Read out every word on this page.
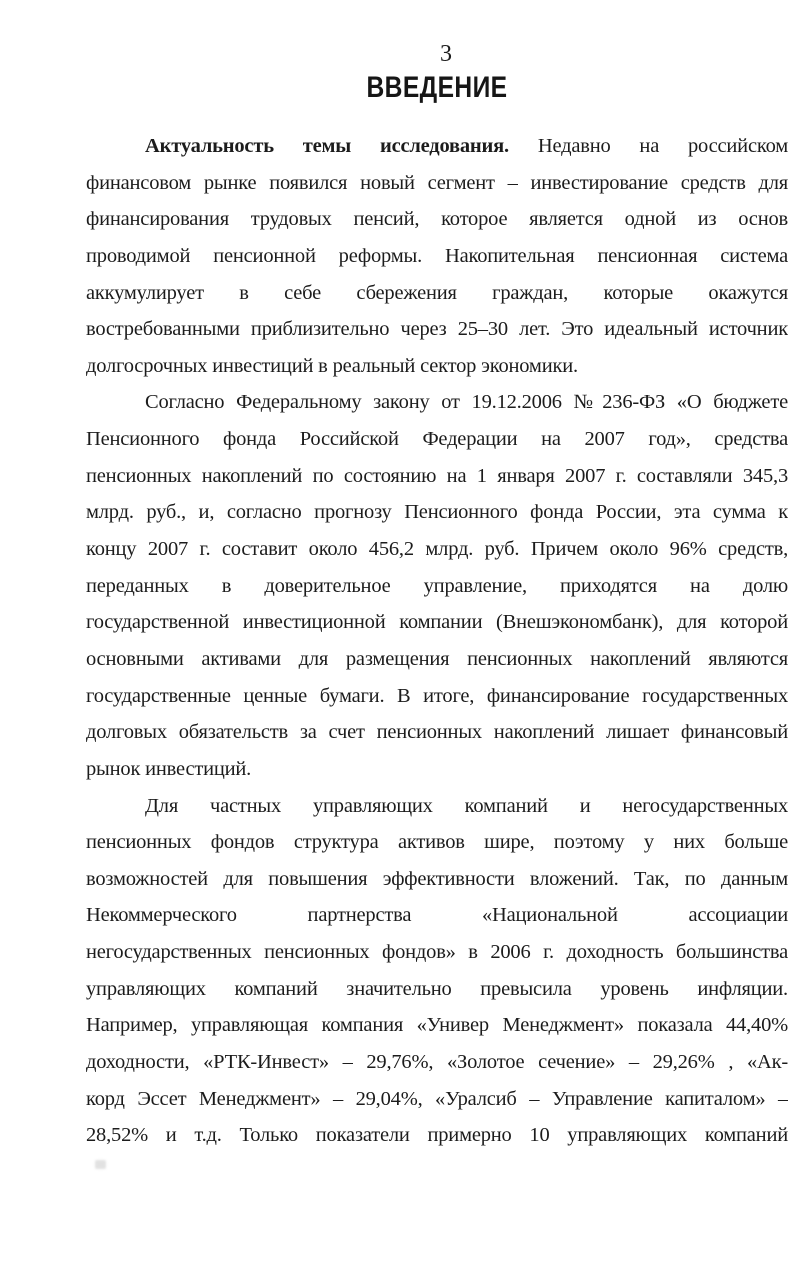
3
ВВЕДЕНИЕ
Актуальность темы исследования. Недавно на российском
финансовом рынке появился новый сегмент – инвестирование средств для
финансирования трудовых пенсий, которое является одной из основ
проводимой пенсионной реформы. Накопительная пенсионная система
аккумулирует в себе сбережения граждан, которые окажутся
востребованными приблизительно через 25–30 лет. Это идеальный источник
долгосрочных инвестиций в реальный сектор экономики.
Согласно Федеральному закону от 19.12.2006 №236-ФЗ «О бюджете
Пенсионного фонда Российской Федерации на 2007 год», средства
пенсионных накоплений по состоянию на 1 января 2007 г. составляли 345,3
млрд. руб., и, согласно прогнозу Пенсионного фонда России, эта сумма к
концу 2007 г. составит около 456,2 млрд. руб. Причем около 96% средств,
переданных в доверительное управление, приходятся на долю
государственной инвестиционной компании (Внешэкономбанк), для которой
основными активами для размещения пенсионных накоплений являются
государственные ценные бумаги. В итоге, финансирование государственных
долговых обязательств за счет пенсионных накоплений лишает финансовый
рынок инвестиций.
Для частных управляющих компаний и негосударственных
пенсионных фондов структура активов шире, поэтому у них больше
возможностей для повышения эффективности вложений. Так, по данным
Некоммерческого партнерства «Национальной ассоциации
негосударственных пенсионных фондов» в 2006 г. доходность большинства
управляющих компаний значительно превысила уровень инфляции.
Например, управляющая компания «Универ Менеджмент» показала 44,40%
доходности, «РТК-Инвест» – 29,76%, «Золотое сечение» – 29,26% , «Ак-
корд Эссет Менеджмент» – 29,04%, «Уралсиб – Управление капиталом» –
28,52% и т.д. Только показатели примерно 10 управляющих компаний
